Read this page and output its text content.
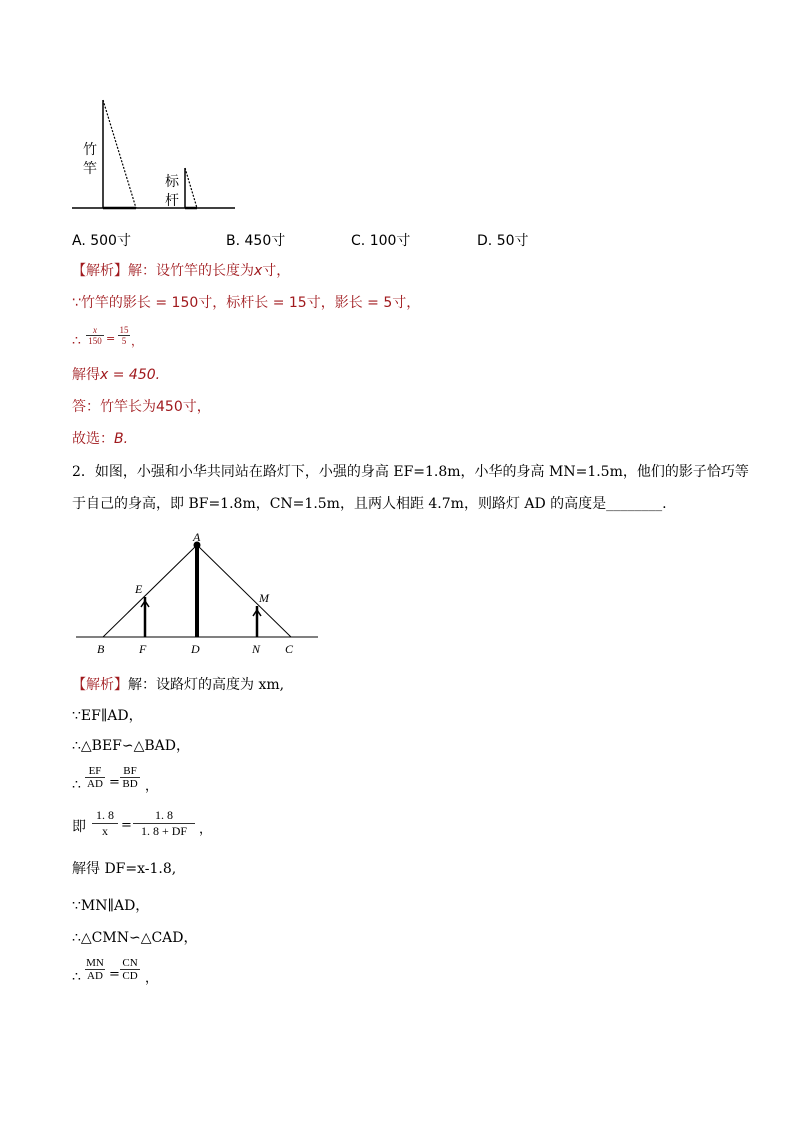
竹
竿
标
杆
A. 500寸	B. 450寸	C. 100寸	D. 50寸
【解析】解：设竹竿的长度为x寸，
∵竹竿的影长 = 150寸，标杆长 = 15寸，影长 = 5寸，
∴
x
150 =
15
5 ，
解得x = 450.
答：竹竿长为450寸，
故选：B.
2．如图，小强和小华共同站在路灯下，小强的身高 EF=1.8m，小华的身高 MN=1.5m，他们的影子恰巧等
于自己的身高，即 BF=1.8m，CN=1.5m，且两人相距 4.7m，则路灯 AD 的高度是________.
A
E
M
B	F	D	N C
【解析】解：设路灯的高度为 xm,
∵EF∥AD，
∴△BEF∽△BAD，
∴
EF
AD =
BF
BD ，
即
1. 8
x	=
1. 8
1. 8 + DF ，
解得 DF=x-1.8,
∵MN∥AD，
∴△CMN∽△CAD，
∴
MN
AD =
CN
CD ，
